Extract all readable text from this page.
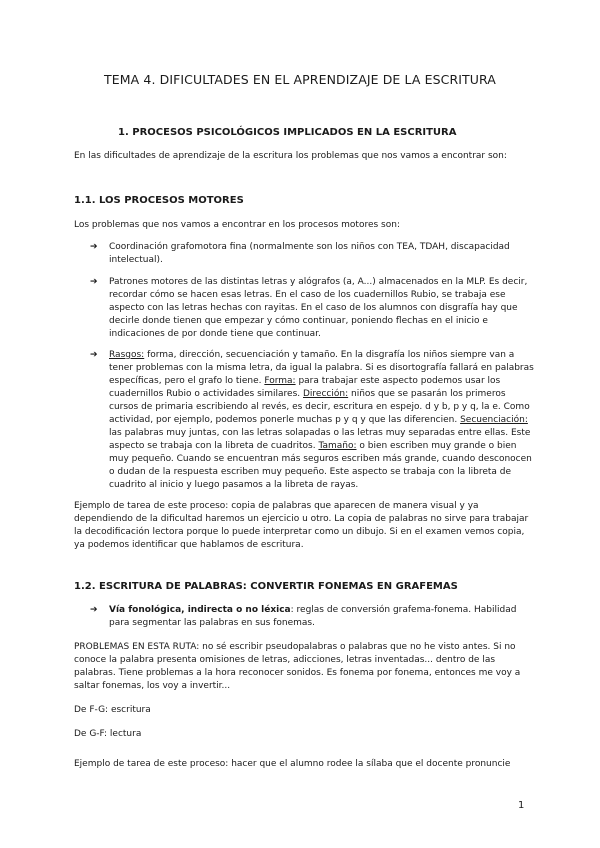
TEMA 4. DIFICULTADES EN EL APRENDIZAJE DE LA ESCRITURA
1. PROCESOS PSICOLÓGICOS IMPLICADOS EN LA ESCRITURA
En las dificultades de aprendizaje de la escritura los problemas que nos vamos a encontrar son:
1.1. LOS PROCESOS MOTORES
Los problemas que nos vamos a encontrar en los procesos motores son:
➔	Coordinación grafomotora fina (normalmente son los niños con TEA, TDAH, discapacidad intelectual).
➔	Patrones motores de las distintas letras y alógrafos (a, A...) almacenados en la MLP. Es decir, recordar cómo se hacen esas letras. En el caso de los cuadernillos Rubio, se trabaja ese aspecto con las letras hechas con rayitas. En el caso de los alumnos con disgrafía hay que decirle donde tienen que empezar y cómo continuar, poniendo flechas en el inicio e indicaciones de por donde tiene que continuar.
➔	Rasgos: forma, dirección, secuenciación y tamaño. En la disgrafía los niños siempre van a tener problemas con la misma letra, da igual la palabra. Si es disortografía fallará en palabras específicas, pero el grafo lo tiene. Forma: para trabajar este aspecto podemos usar los cuadernillos Rubio o actividades similares. Dirección: niños que se pasarán los primeros cursos de primaria escribiendo al revés, es decir, escritura en espejo. d y b, p y q, la e. Como actividad, por ejemplo, podemos ponerle muchas p y q y que las diferencien. Secuenciación: las palabras muy juntas, con las letras solapadas o las letras muy separadas entre ellas. Este aspecto se trabaja con la libreta de cuadritos. Tamaño: o bien escriben muy grande o bien muy pequeño. Cuando se encuentran más seguros escriben más grande, cuando desconocen o dudan de la respuesta escriben muy pequeño. Este aspecto se trabaja con la libreta de cuadrito al inicio y luego pasamos a la libreta de rayas.
Ejemplo de tarea de este proceso: copia de palabras que aparecen de manera visual y ya dependiendo de la dificultad haremos un ejercicio u otro. La copia de palabras no sirve para trabajar la decodificación lectora porque lo puede interpretar como un dibujo. Si en el examen vemos copia, ya podemos identificar que hablamos de escritura.
1.2. ESCRITURA DE PALABRAS: CONVERTIR FONEMAS EN GRAFEMAS
➔	Vía fonológica, indirecta o no léxica: reglas de conversión grafema-fonema. Habilidad para segmentar las palabras en sus fonemas.
PROBLEMAS EN ESTA RUTA: no sé escribir pseudopalabras o palabras que no he visto antes. Si no conoce la palabra presenta omisiones de letras, adicciones, letras inventadas... dentro de las palabras. Tiene problemas a la hora reconocer sonidos. Es fonema por fonema, entonces me voy a saltar fonemas, los voy a invertir...
De F-G: escritura
De G-F: lectura
Ejemplo de tarea de este proceso: hacer que el alumno rodee la sílaba que el docente pronuncie
1
